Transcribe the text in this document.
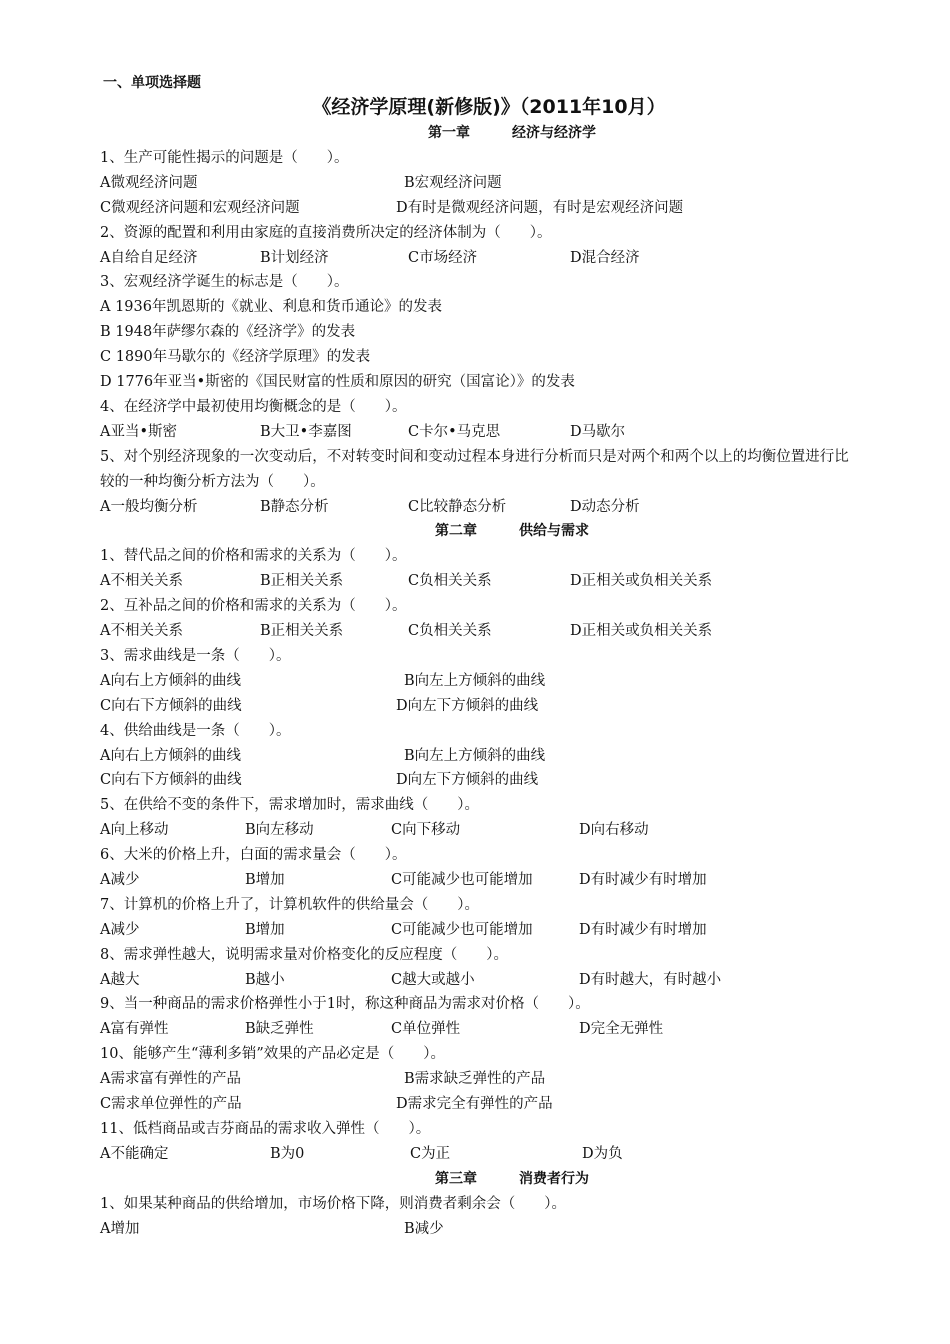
一、单项选择题
《经济学原理(新修版)》（2011年10月）
第一章	经济与经济学
1、生产可能性揭示的问题是（　　）。
A微观经济问题	B宏观经济问题
C微观经济问题和宏观经济问题	D有时是微观经济问题，有时是宏观经济问题
2、资源的配置和利用由家庭的直接消费所决定的经济体制为（　　）。
A自给自足经济	B计划经济	C市场经济	D混合经济
3、宏观经济学诞生的标志是（　　）。
A 1936年凯恩斯的《就业、利息和货币通论》的发表
B 1948年萨缪尔森的《经济学》的发表
C 1890年马歇尔的《经济学原理》的发表
D 1776年亚当•斯密的《国民财富的性质和原因的研究（国富论）》的发表
4、在经济学中最初使用均衡概念的是（　　）。
A亚当•斯密	B大卫•李嘉图	C卡尔•马克思	D马歇尔
5、对个别经济现象的一次变动后，不对转变时间和变动过程本身进行分析而只是对两个和两个以上的均衡位置进行比较的一种均衡分析方法为（　　）。
A一般均衡分析	B静态分析	C比较静态分析	D动态分析
第二章	供给与需求
1、替代品之间的价格和需求的关系为（　　）。
A不相关关系	B正相关关系	C负相关关系	D正相关或负相关关系
2、互补品之间的价格和需求的关系为（　　）。
A不相关关系	B正相关关系	C负相关关系	D正相关或负相关关系
3、需求曲线是一条（　　）。
A向右上方倾斜的曲线	B向左上方倾斜的曲线
C向右下方倾斜的曲线	D向左下方倾斜的曲线
4、供给曲线是一条（　　）。
A向右上方倾斜的曲线	B向左上方倾斜的曲线
C向右下方倾斜的曲线	D向左下方倾斜的曲线
5、在供给不变的条件下，需求增加时，需求曲线（　　）。
A向上移动	B向左移动	C向下移动	D向右移动
6、大米的价格上升，白面的需求量会（　　）。
A减少	B增加	C可能减少也可能增加	D有时减少有时增加
7、计算机的价格上升了，计算机软件的供给量会（　　）。
A减少	B增加	C可能减少也可能增加	D有时减少有时增加
8、需求弹性越大，说明需求量对价格变化的反应程度（　　）。
A越大	B越小	C越大或越小	D有时越大，有时越小
9、当一种商品的需求价格弹性小于1时，称这种商品为需求对价格（　　）。
A富有弹性	B缺乏弹性	C单位弹性	D完全无弹性
10、能够产生“薄利多销”效果的产品必定是（　　）。
A需求富有弹性的产品	B需求缺乏弹性的产品
C需求单位弹性的产品	D需求完全有弹性的产品
11、低档商品或吉芬商品的需求收入弹性（　　）。
A不能确定	B为0	C为正	D为负
第三章	消费者行为
1、如果某种商品的供给增加，市场价格下降，则消费者剩余会（　　）。
A增加	B减少
